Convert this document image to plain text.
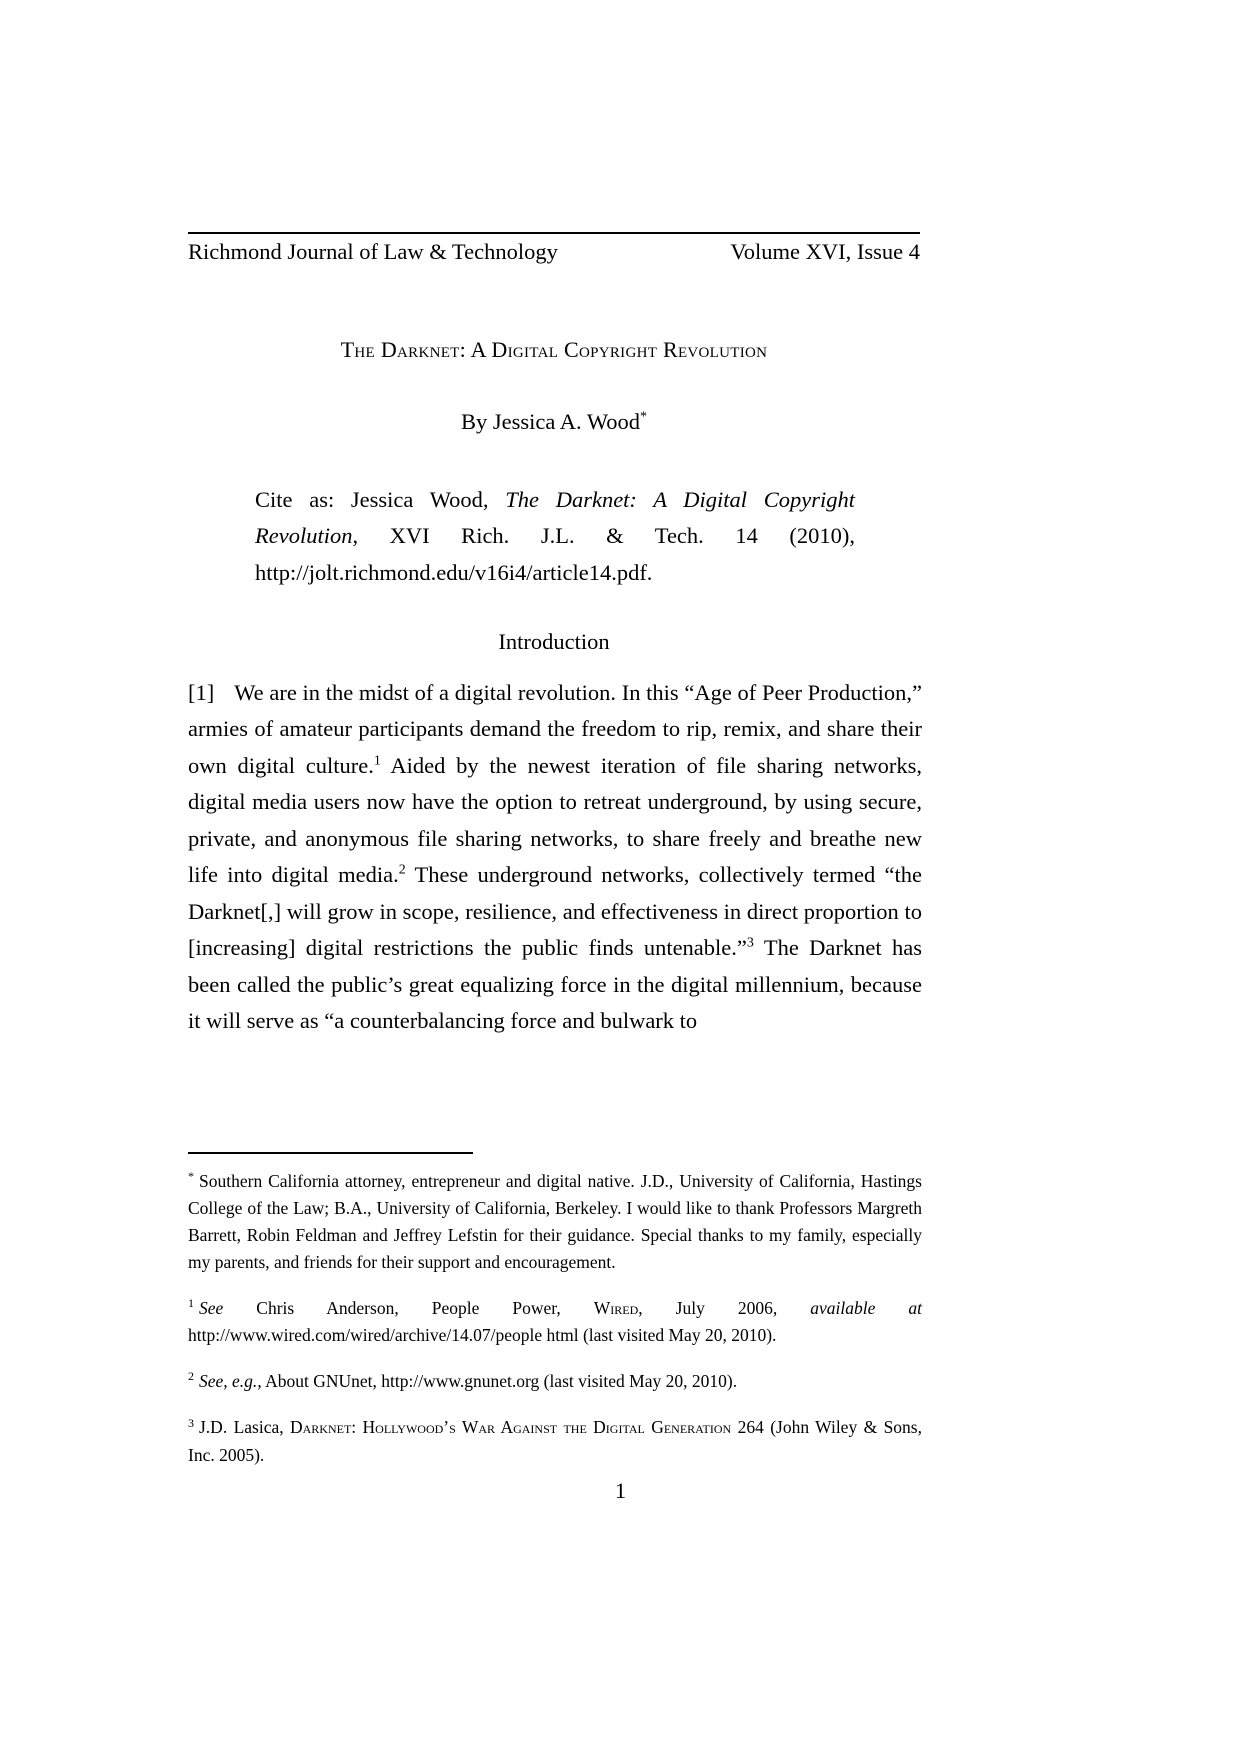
Richmond Journal of Law & Technology	Volume XVI, Issue 4
The Darknet: A Digital Copyright Revolution
By Jessica A. Wood*
Cite as: Jessica Wood, The Darknet: A Digital Copyright Revolution, XVI Rich. J.L. & Tech. 14 (2010), http://jolt.richmond.edu/v16i4/article14.pdf.
Introduction
[1] We are in the midst of a digital revolution. In this “Age of Peer Production,” armies of amateur participants demand the freedom to rip, remix, and share their own digital culture.$^1$ Aided by the newest iteration of file sharing networks, digital media users now have the option to retreat underground, by using secure, private, and anonymous file sharing networks, to share freely and breathe new life into digital media.$^2$ These underground networks, collectively termed “the Darknet[,] will grow in scope, resilience, and effectiveness in direct proportion to [increasing] digital restrictions the public finds untenable.”$^3$ The Darknet has been called the public’s great equalizing force in the digital millennium, because it will serve as “a counterbalancing force and bulwark to
* Southern California attorney, entrepreneur and digital native. J.D., University of California, Hastings College of the Law; B.A., University of California, Berkeley. I would like to thank Professors Margreth Barrett, Robin Feldman and Jeffrey Lefstin for their guidance. Special thanks to my family, especially my parents, and friends for their support and encouragement.
$^1$ See Chris Anderson, People Power, Wired, July 2006, available at http://www.wired.com/wired/archive/14.07/people html (last visited May 20, 2010).
$^2$ See, e.g., About GNUnet, http://www.gnunet.org (last visited May 20, 2010).
$^3$ J.D. Lasica, Darknet: Hollywood’s War Against the Digital Generation 264 (John Wiley & Sons, Inc. 2005).
1
